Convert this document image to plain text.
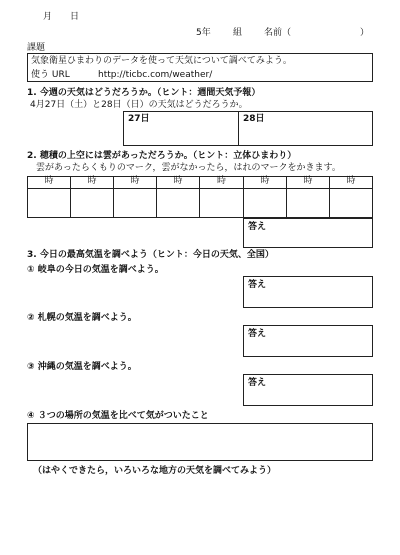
月 日
5年 組 名前（	）
課題
気象衛星ひまわりのデータを使って天気について調べてみよう。
使う URL	http://ticbc.com/weather/
1. 今週の天気はどうだろうか。（ヒント：週間天気予報）
4月27日（土）と28日（日）の天気はどうだろうか。
27日	28日
2. 穂積の上空には雲があっただろうか。（ヒント：立体ひまわり）
雲があったらくもりのマーク，雲がなかったら，はれのマークをかきます。
時	時	時	時	時	時	時	時
答え
3. 今日の最高気温を調べよう（ヒント：今日の天気、全国）
① 岐阜の今日の気温を調べよう。
答え
② 札幌の気温を調べよう。
答え
③ 沖縄の気温を調べよう。
答え
④ ３つの場所の気温を比べて気がついたこと
（はやくできたら，いろいろな地方の天気を調べてみよう）
